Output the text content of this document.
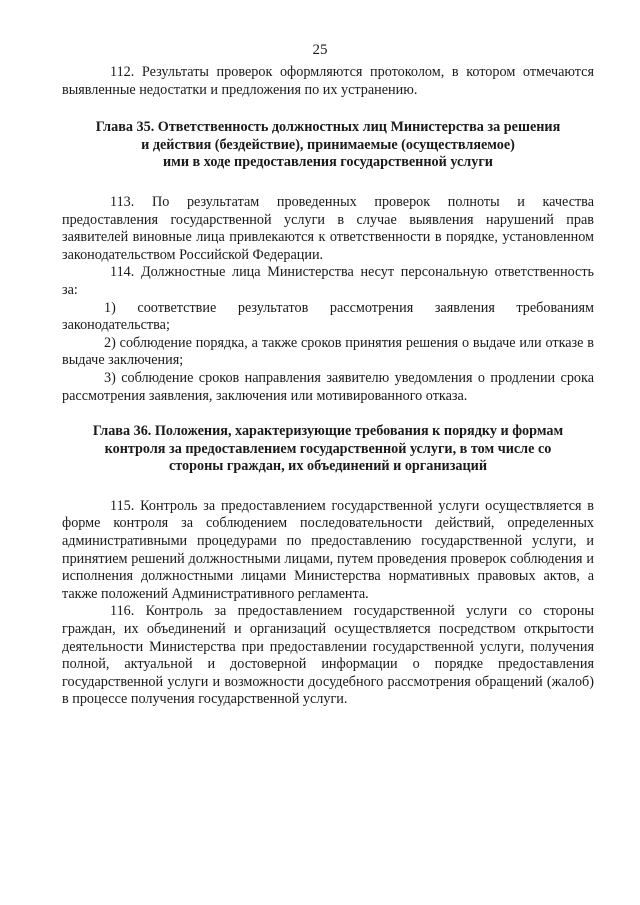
25

112. Результаты проверок оформляются протоколом, в котором отмечаются выявленные недостатки и предложения по их устранению.

Глава 35. Ответственность должностных лиц Министерства за решения

и действия (бездействие), принимаемые (осуществляемое)

ими в ходе предоставления государственной услуги

113. По результатам проведенных проверок полноты и качества предоставления государственной услуги в случае выявления нарушений прав заявителей виновные лица привлекаются к ответственности в порядке, установленном законодательством Российской Федерации.

114. Должностные лица Министерства несут персональную ответственность за:

1) соответствие результатов рассмотрения заявления требованиям законодательства;

2) соблюдение порядка, а также сроков принятия решения о выдаче или отказе в выдаче заключения;

3) соблюдение сроков направления заявителю уведомления о продлении срока рассмотрения заявления, заключения или мотивированного отказа.

Глава 36. Положения, характеризующие требования к порядку и формам

контроля за предоставлением государственной услуги, в том числе со

стороны граждан, их объединений и организаций

115. Контроль за предоставлением государственной услуги осуществляется в форме контроля за соблюдением последовательности действий, определенных административными процедурами по предоставлению государственной услуги, и принятием решений должностными лицами, путем проведения проверок соблюдения и исполнения должностными лицами Министерства нормативных правовых актов, а также положений Административного регламента.

116. Контроль за предоставлением государственной услуги со стороны граждан, их объединений и организаций осуществляется посредством открытости деятельности Министерства при предоставлении государственной услуги, получения полной, актуальной и достоверной информации о порядке предоставления государственной услуги и возможности досудебного рассмотрения обращений (жалоб) в процессе получения государственной услуги.
